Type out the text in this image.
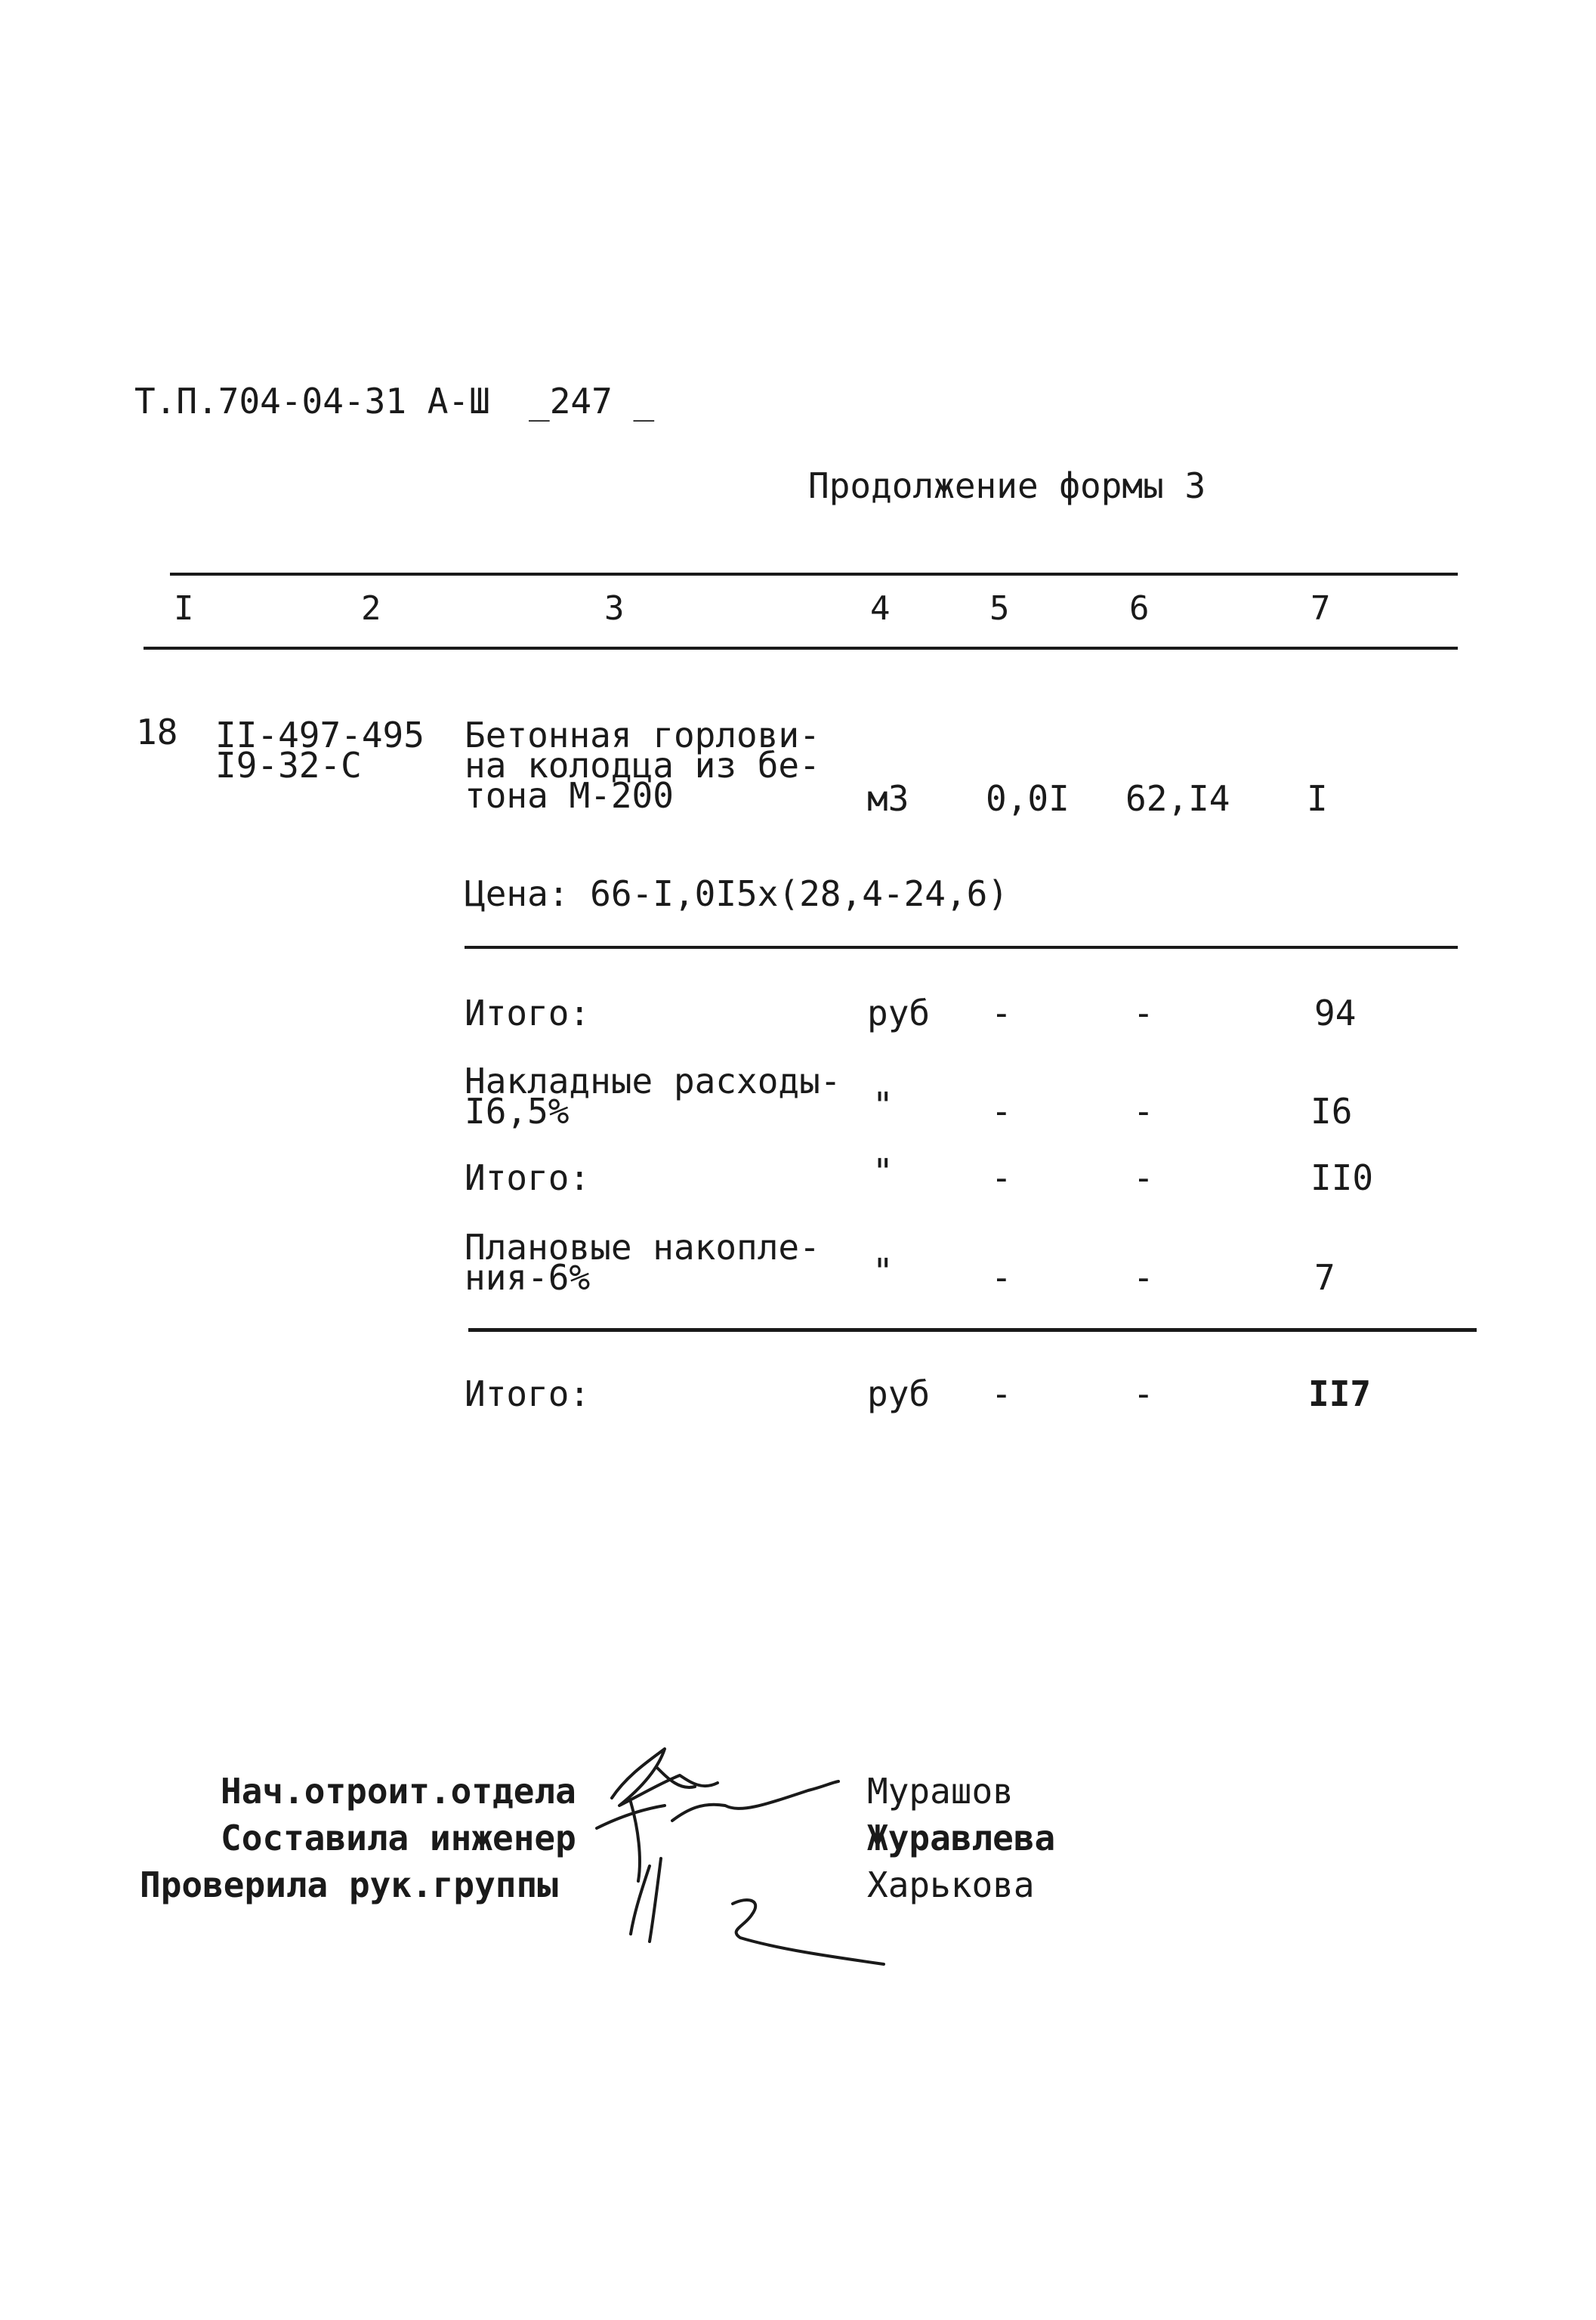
Т.П.704-04-31 А-Ш _247 _
Продолжение формы 3
I	2	3	4	5	6	7
18 II-497-495
I9-32-С
Бетонная горлови-
на колодца из бе-
тона М-200	м3 0,0I 62,I4 I
Цена: 66-I,0I5х(28,4-24,6)
Итого:	руб -	-	94
Накладные расходы-
I6,5%	"	-	-	I6
Итого:	"	-	-	II0
Плановые накопле-
ния-6%	"	-	-	7
Итого:	руб -	-	II7
Нач.отроит.отдела	Мурашов
Составила инженер	Журавлева
Проверила рук.группы	Харькова
